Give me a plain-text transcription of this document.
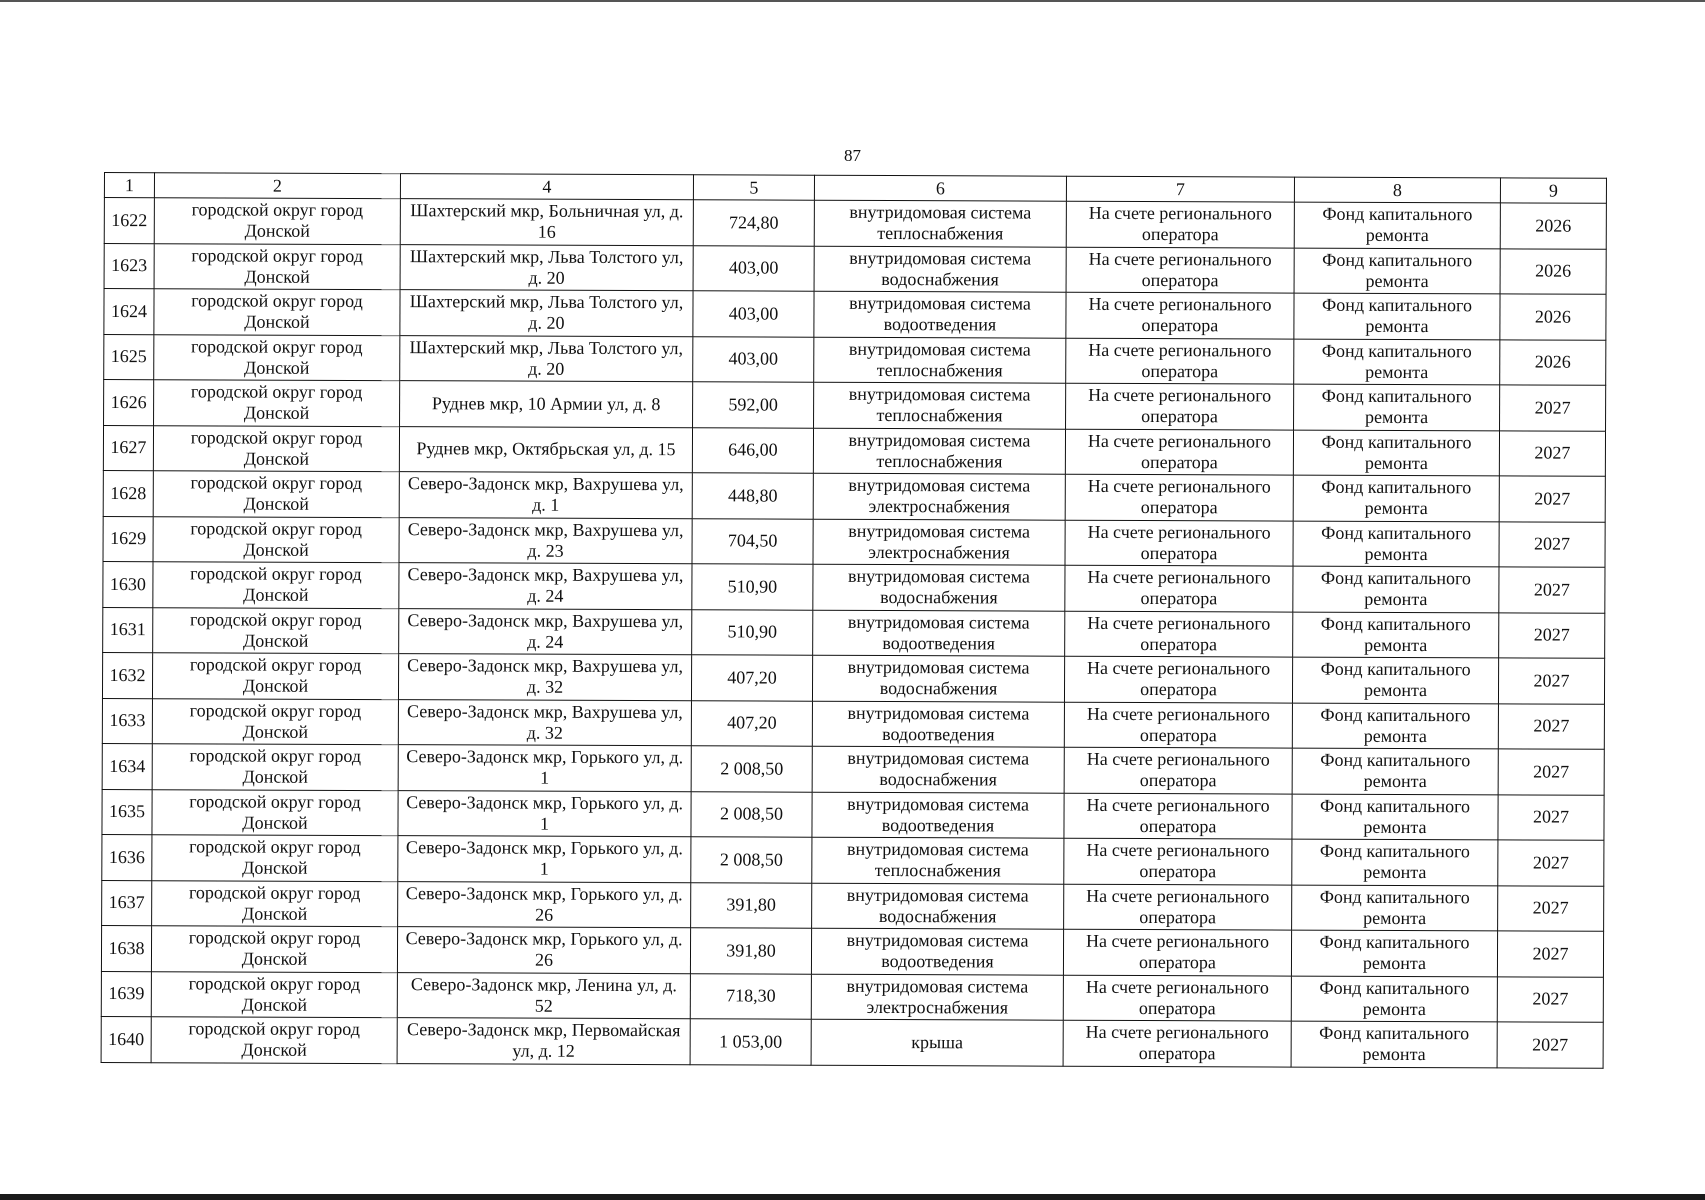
87
1	2	4	5	6	7	8	9
1622	городской округ город Донской	Шахтерский мкр, Больничная ул, д. 16	724,80	внутридомовая система теплоснабжения	На счете регионального оператора	Фонд капитального ремонта	2026
1623	городской округ город Донской	Шахтерский мкр, Льва Толстого ул, д. 20	403,00	внутридомовая система водоснабжения	На счете регионального оператора	Фонд капитального ремонта	2026
1624	городской округ город Донской	Шахтерский мкр, Льва Толстого ул, д. 20	403,00	внутридомовая система водоотведения	На счете регионального оператора	Фонд капитального ремонта	2026
1625	городской округ город Донской	Шахтерский мкр, Льва Толстого ул, д. 20	403,00	внутридомовая система теплоснабжения	На счете регионального оператора	Фонд капитального ремонта	2026
1626	городской округ город Донской	Руднев мкр, 10 Армии ул, д. 8	592,00	внутридомовая система теплоснабжения	На счете регионального оператора	Фонд капитального ремонта	2027
1627	городской округ город Донской	Руднев мкр, Октябрьская ул, д. 15	646,00	внутридомовая система теплоснабжения	На счете регионального оператора	Фонд капитального ремонта	2027
1628	городской округ город Донской	Северо-Задонск мкр, Вахрушева ул, д. 1	448,80	внутридомовая система электроснабжения	На счете регионального оператора	Фонд капитального ремонта	2027
1629	городской округ город Донской	Северо-Задонск мкр, Вахрушева ул, д. 23	704,50	внутридомовая система электроснабжения	На счете регионального оператора	Фонд капитального ремонта	2027
1630	городской округ город Донской	Северо-Задонск мкр, Вахрушева ул, д. 24	510,90	внутридомовая система водоснабжения	На счете регионального оператора	Фонд капитального ремонта	2027
1631	городской округ город Донской	Северо-Задонск мкр, Вахрушева ул, д. 24	510,90	внутридомовая система водоотведения	На счете регионального оператора	Фонд капитального ремонта	2027
1632	городской округ город Донской	Северо-Задонск мкр, Вахрушева ул, д. 32	407,20	внутридомовая система водоснабжения	На счете регионального оператора	Фонд капитального ремонта	2027
1633	городской округ город Донской	Северо-Задонск мкр, Вахрушева ул, д. 32	407,20	внутридомовая система водоотведения	На счете регионального оператора	Фонд капитального ремонта	2027
1634	городской округ город Донской	Северо-Задонск мкр, Горького ул, д. 1	2 008,50	внутридомовая система водоснабжения	На счете регионального оператора	Фонд капитального ремонта	2027
1635	городской округ город Донской	Северо-Задонск мкр, Горького ул, д. 1	2 008,50	внутридомовая система водоотведения	На счете регионального оператора	Фонд капитального ремонта	2027
1636	городской округ город Донской	Северо-Задонск мкр, Горького ул, д. 1	2 008,50	внутридомовая система теплоснабжения	На счете регионального оператора	Фонд капитального ремонта	2027
1637	городской округ город Донской	Северо-Задонск мкр, Горького ул, д. 26	391,80	внутридомовая система водоснабжения	На счете регионального оператора	Фонд капитального ремонта	2027
1638	городской округ город Донской	Северо-Задонск мкр, Горького ул, д. 26	391,80	внутридомовая система водоотведения	На счете регионального оператора	Фонд капитального ремонта	2027
1639	городской округ город Донской	Северо-Задонск мкр, Ленина ул, д. 52	718,30	внутридомовая система электроснабжения	На счете регионального оператора	Фонд капитального ремонта	2027
1640	городской округ город Донской	Северо-Задонск мкр, Первомайская ул, д. 12	1 053,00	крыша	На счете регионального оператора	Фонд капитального ремонта	2027
